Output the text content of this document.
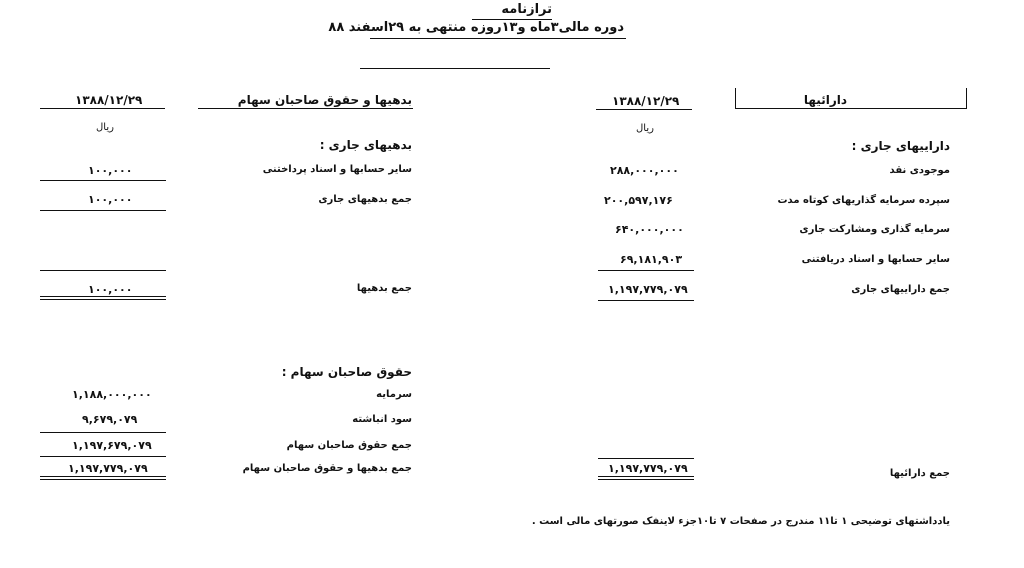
ترازنامه
دوره مالی۳ماه و۱۳روزه منتهی به ۲۹اسفند ۸۸
دارائیها
۱۳۸۸/۱۲/۲۹
ریال
بدهیها و حقوق صاحبان سهام
۱۳۸۸/۱۲/۲۹
ریال
داراییهای جاری :
موجودی نقد
۲۸۸,۰۰۰,۰۰۰
سپرده سرمایه گذاریهای کوتاه مدت
۲۰۰,۵۹۷,۱۷۶
سرمایه گذاری ومشارکت جاری
۶۴۰,۰۰۰,۰۰۰
سایر حسابها و اسناد دریافتنی
۶۹,۱۸۱,۹۰۳
جمع داراییهای جاری
۱,۱۹۷,۷۷۹,۰۷۹
بدهیهای جاری :
سایر حسابها و اسناد پرداختنی
۱۰۰,۰۰۰
جمع بدهیهای جاری
۱۰۰,۰۰۰
جمع بدهیها
۱۰۰,۰۰۰
حقوق صاحبان سهام :
سرمایه
۱,۱۸۸,۰۰۰,۰۰۰
سود انباشته
۹,۶۷۹,۰۷۹
جمع حقوق صاحبان سهام
۱,۱۹۷,۶۷۹,۰۷۹
جمع بدهیها و حقوق صاحبان سهام
۱,۱۹۷,۷۷۹,۰۷۹	جمع دارائیها
۱,۱۹۷,۷۷۹,۰۷۹
یادداشتهای توضیحی ۱ تا۱۱ مندرج در صفحات ۷ تا۱۰جزء لاینفک صورتهای مالی است .
